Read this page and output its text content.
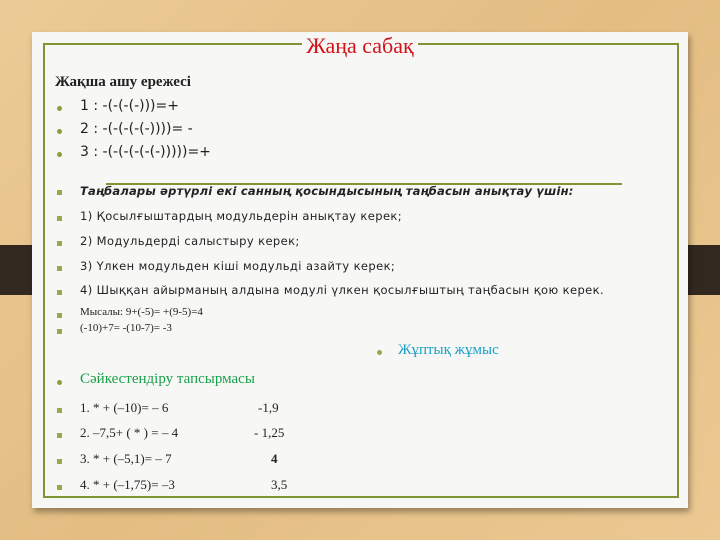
Жаңа сабақ
Жақша ашу ережесі
1 : -(-(-(-)))=+
2 : -(-(-(-(-))))= -
3 : -(-(-(-(-(-)))))=+
Таңбалары әртүрлі екі санның қосындысының таңбасын анықтау үшін:
1) Қосылғыштардың модульдерін анықтау керек;
2) Модульдерді салыстыру керек;
3) Үлкен модульден кіші модульді азайту керек;
4) Шыққан айырманың алдына модулі үлкен қосылғыштың таңбасын қою керек.
Мысалы: 9+(-5)= +(9-5)=4
(-10)+7= -(10-7)= -3
Жұптық жұмыс
Сәйкестендіру тапсырмасы
1. * + (–10)= – 6	-1,9
2. –7,5+ ( * ) = – 4	- 1,25
3. * + (–5,1)= – 7	4
4. * + (–1,75)= –3	3,5
